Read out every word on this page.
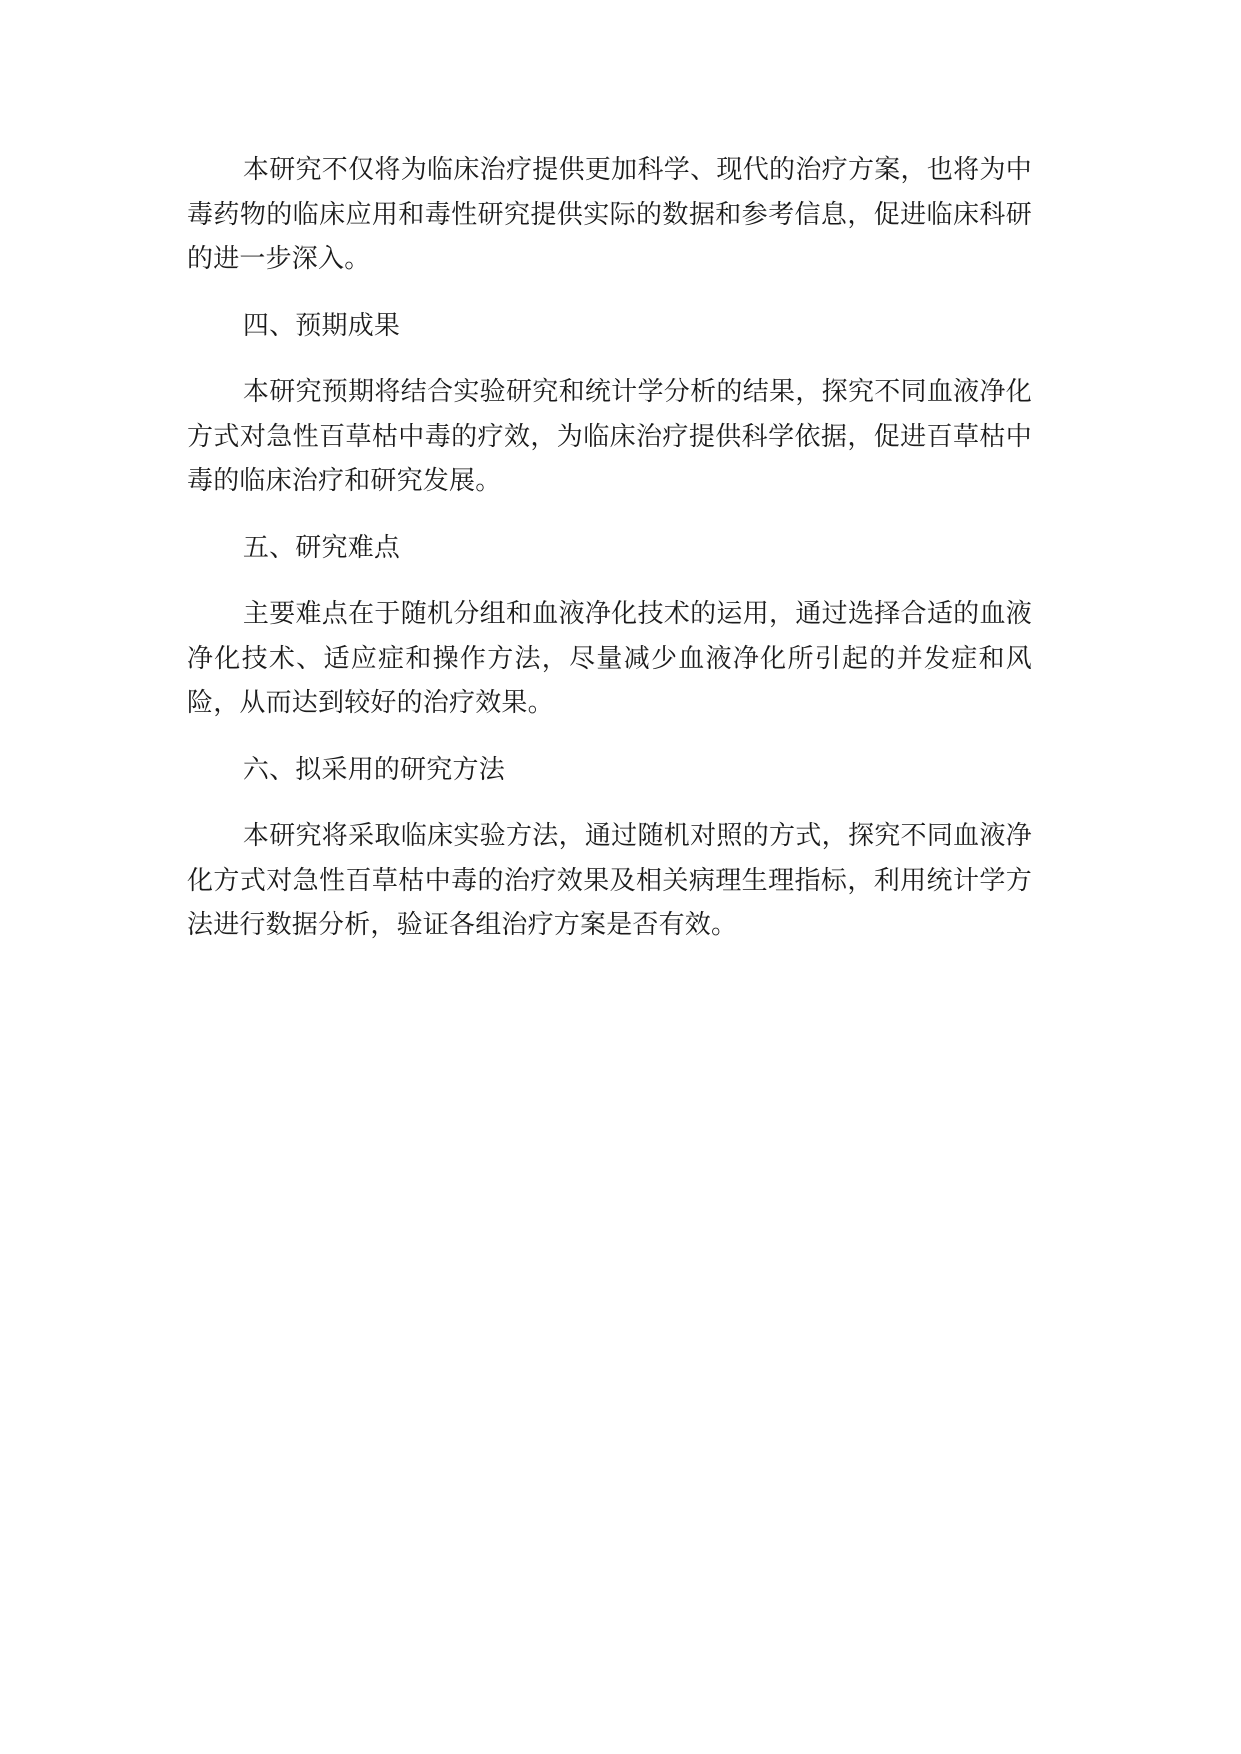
本研究不仅将为临床治疗提供更加科学、现代的治疗方案，也将为中毒药物的临床应用和毒性研究提供实际的数据和参考信息，促进临床科研的进一步深入。

四、预期成果

本研究预期将结合实验研究和统计学分析的结果，探究不同血液净化方式对急性百草枯中毒的疗效，为临床治疗提供科学依据，促进百草枯中毒的临床治疗和研究发展。

五、研究难点

主要难点在于随机分组和血液净化技术的运用，通过选择合适的血液净化技术、适应症和操作方法，尽量减少血液净化所引起的并发症和风险，从而达到较好的治疗效果。

六、拟采用的研究方法

本研究将采取临床实验方法，通过随机对照的方式，探究不同血液净化方式对急性百草枯中毒的治疗效果及相关病理生理指标，利用统计学方法进行数据分析，验证各组治疗方案是否有效。
